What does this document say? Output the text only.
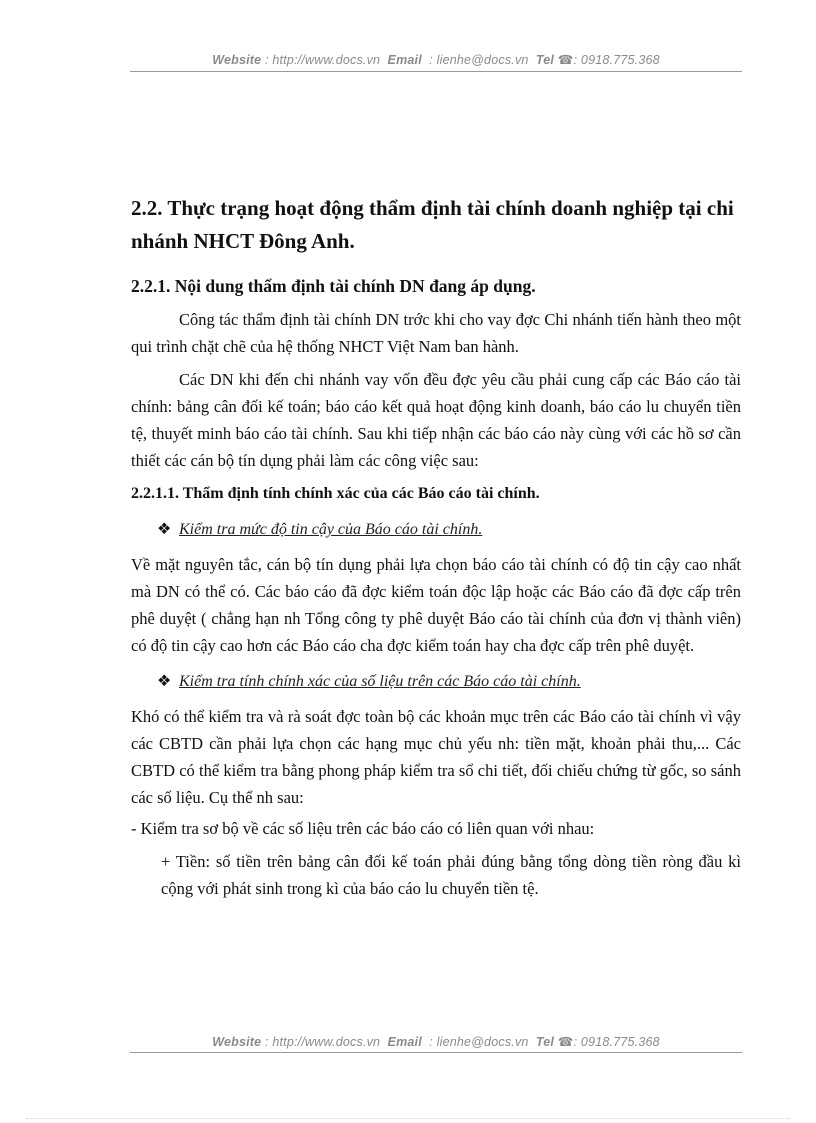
Website : http://www.docs.vn Email : lienhe@docs.vn Tel ☎: 0918.775.368
2.2. Thực trạng hoạt động thẩm định tài chính doanh nghiệp tại chi nhánh NHCT Đông Anh.
2.2.1. Nội dung thẩm định tài chính DN đang áp dụng.

Công tác thẩm định tài chính DN trớc khi cho vay đợc Chi nhánh tiến hành theo một qui trình chặt chẽ của hệ thống NHCT Việt Nam ban hành.

Các DN khi đến chi nhánh vay vốn đều đợc yêu cầu phải cung cấp các Báo cáo tài chính: bảng cân đối kế toán; báo cáo kết quả hoạt động kinh doanh, báo cáo lu chuyển tiền tệ, thuyết minh báo cáo tài chính. Sau khi tiếp nhận các báo cáo này cùng với các hồ sơ cần thiết các cán bộ tín dụng phải làm các công việc sau:

2.2.1.1. Thẩm định tính chính xác của các Báo cáo tài chính.
❖ Kiểm tra mức độ tin cậy của Báo cáo tài chính.

Về mặt nguyên tắc, cán bộ tín dụng phải lựa chọn báo cáo tài chính có độ tin cậy cao nhất mà DN có thể có. Các báo cáo đã đợc kiểm toán độc lập hoặc các Báo cáo đã đợc cấp trên phê duyệt ( chẳng hạn nh Tổng công ty phê duyệt Báo cáo tài chính của đơn vị thành viên) có độ tin cậy cao hơn các Báo cáo cha đợc kiểm toán hay cha đợc cấp trên phê duyệt.

❖ Kiểm tra tính chính xác của số liệu trên các Báo cáo tài chính.

Khó có thể kiểm tra và rà soát đợc toàn bộ các khoản mục trên các Báo cáo tài chính vì vậy các CBTD cần phải lựa chọn các hạng mục chủ yếu nh: tiền mặt, khoản phải thu,... Các CBTD có thể kiểm tra bằng phong pháp kiểm tra sổ chi tiết, đối chiếu chứng từ gốc, so sánh các số liệu. Cụ thể nh sau:

- Kiểm tra sơ bộ về các số liệu trên các báo cáo có liên quan với nhau:

+ Tiền: số tiền trên bảng cân đối kế toán phải đúng bằng tổng dòng tiền ròng đầu kì cộng với phát sinh trong kì của báo cáo lu chuyển tiền tệ.

Website : http://www.docs.vn Email : lienhe@docs.vn Tel ☎: 0918.775.368
